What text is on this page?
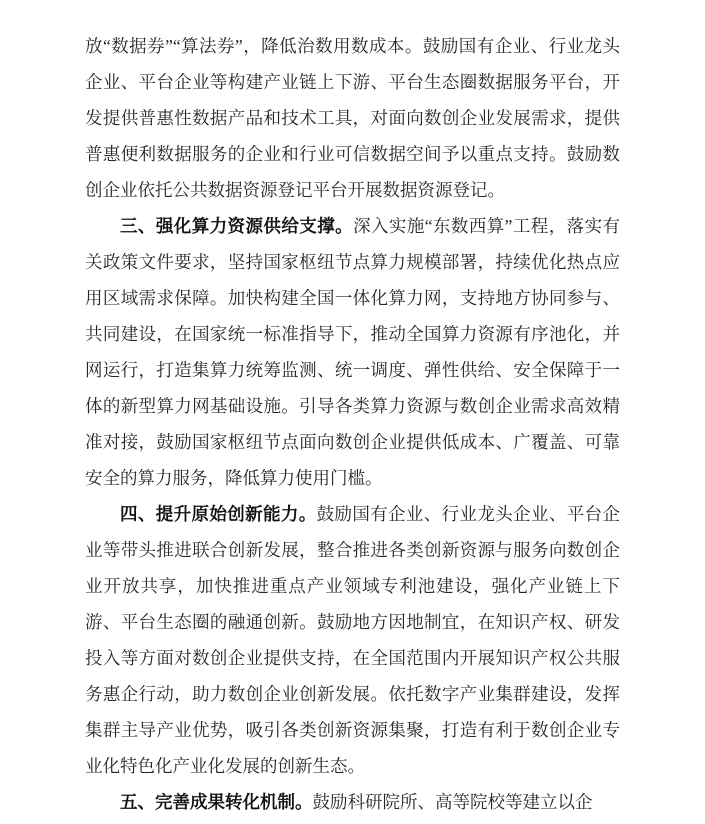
放“数据券”“算法券”，降低治数用数成本。鼓励国有企业、行业龙头企业、平台企业等构建产业链上下游、平台生态圈数据服务平台，开发提供普惠性数据产品和技术工具，对面向数创企业发展需求，提供普惠便利数据服务的企业和行业可信数据空间予以重点支持。鼓励数创企业依托公共数据资源登记平台开展数据资源登记。

三、强化算力资源供给支撑。深入实施“东数西算”工程，落实有关政策文件要求，坚持国家枢纽节点算力规模部署，持续优化热点应用区域需求保障。加快构建全国一体化算力网，支持地方协同参与、共同建设，在国家统一标准指导下，推动全国算力资源有序池化，并网运行，打造集算力统筹监测、统一调度、弹性供给、安全保障于一体的新型算力网基础设施。引导各类算力资源与数创企业需求高效精准对接，鼓励国家枢纽节点面向数创企业提供低成本、广覆盖、可靠安全的算力服务，降低算力使用门槛。

四、提升原始创新能力。鼓励国有企业、行业龙头企业、平台企业等带头推进联合创新发展，整合推进各类创新资源与服务向数创企业开放共享，加快推进重点产业领域专利池建设，强化产业链上下游、平台生态圈的融通创新。鼓励地方因地制宜，在知识产权、研发投入等方面对数创企业提供支持，在全国范围内开展知识产权公共服务惠企行动，助力数创企业创新发展。依托数字产业集群建设，发挥集群主导产业优势，吸引各类创新资源集聚，打造有利于数创企业专业化特色化产业化发展的创新生态。

五、完善成果转化机制。鼓励科研院所、高等院校等建立以企
